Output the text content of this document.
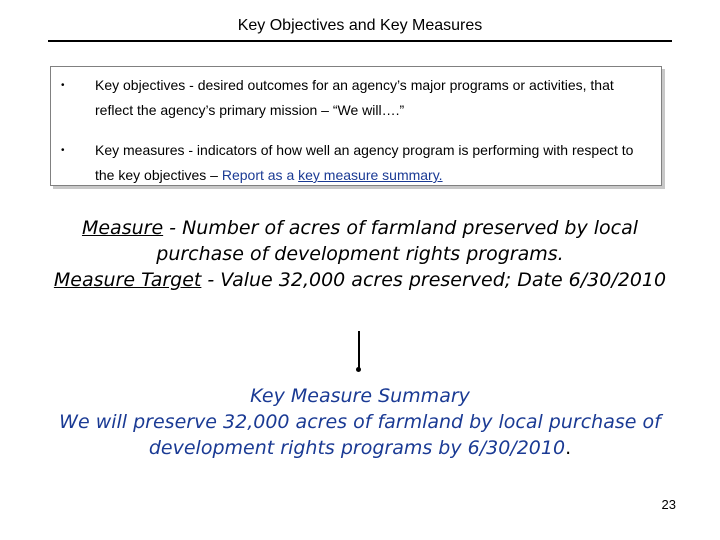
Key Objectives and Key Measures
• Key objectives - desired outcomes for an agency’s major programs or activities, that reflect the agency’s primary mission – “We will….”
• Key measures - indicators of how well an agency program is performing with respect to the key objectives – Report as a key measure summary.
Measure - Number of acres of farmland preserved by local purchase of development rights programs.
Measure Target - Value 32,000 acres preserved; Date 6/30/2010
Key Measure Summary
We will preserve 32,000 acres of farmland by local purchase of development rights programs by 6/30/2010.
23
